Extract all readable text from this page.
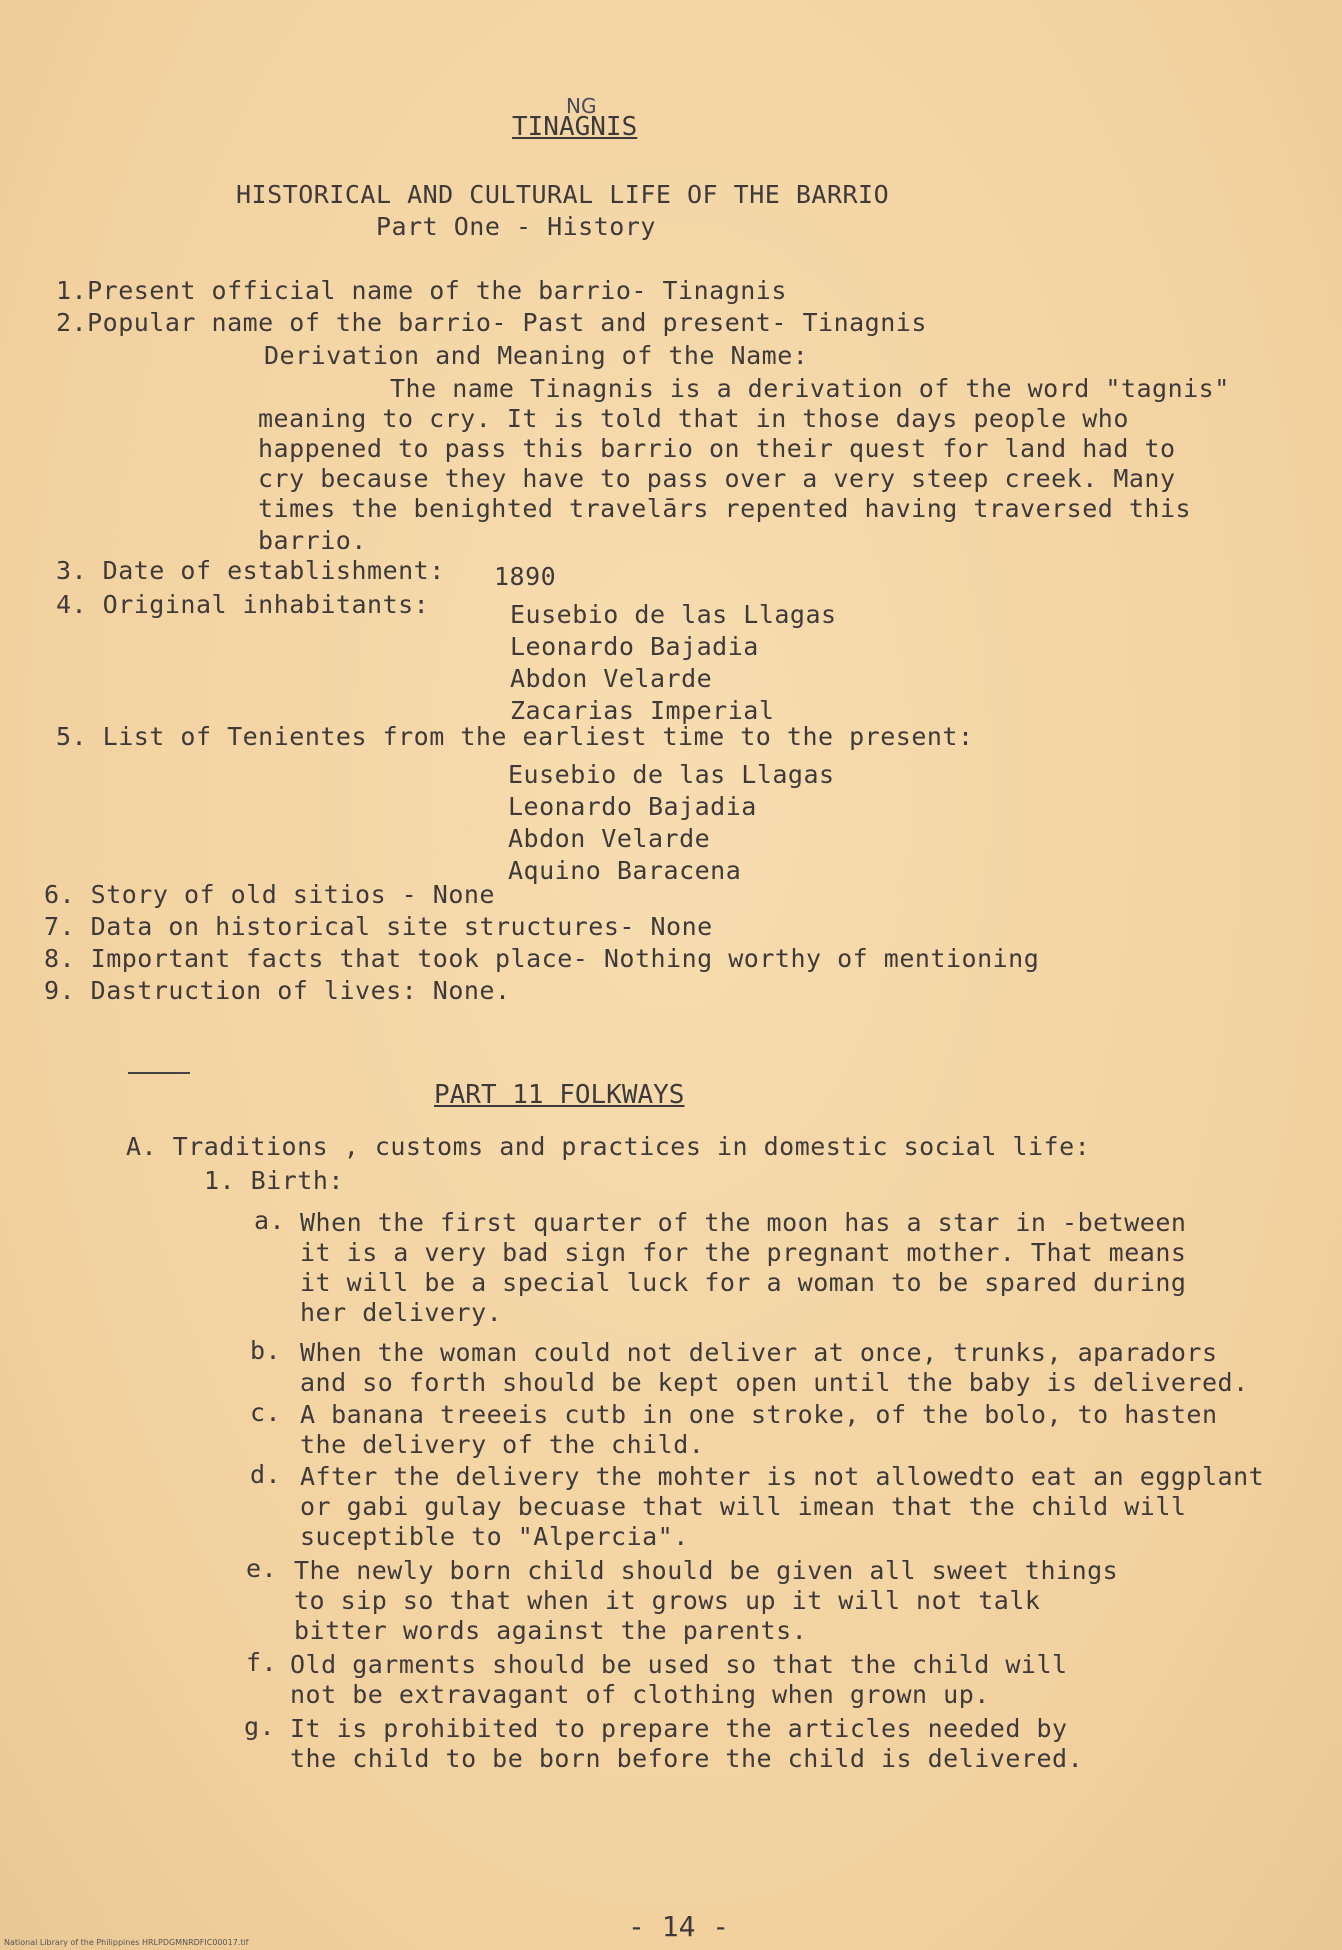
NG
TINAGNIS
HISTORICAL AND CULTURAL LIFE OF THE BARRIO
Part One - History
1.Present official name of the barrio- Tinagnis
2.Popular name of the barrio- Past and present- Tinagnis
Derivation and Meaning of the Name:
The name Tinagnis is a derivation of the word "tagnis"
meaning to cry. It is told that in those days people who
happened to pass this barrio on their quest for land had to
cry because they have to pass over a very steep creek. Many
times the benighted travelārs repented having traversed this
barrio.
3. Date of establishment: 1890
4. Original inhabitants:	Eusebio de las Llagas
Leonardo Bajadia
Abdon Velarde
Zacarias Imperial
5. List of Tenientes from the earliest time to the present:
Eusebio de las Llagas
Leonardo Bajadia
Abdon Velarde
Aquino Baracena
6. Story of old sitios - None
7. Data on historical site structures- None
8. Important facts that took place- Nothing worthy of mentioning
9. Dastruction of lives: None.
PART 11 FOLKWAYS
A. Traditions , customs and practices in domestic social life:
1. Birth:
a. When the first quarter of the moon has a star in -between
it is a very bad sign for the pregnant mother. That means
it will be a special luck for a woman to be spared during
her delivery.
b. When the woman could not deliver at once, trunks, aparadors
and so forth should be kept open until the baby is delivered.
c. A banana treeeis cutb in one stroke, of the bolo, to hasten
the delivery of the child.
d. After the delivery the mohter is not allowedto eat an eggplant
or gabi gulay becuase that will imean that the child will
suceptible to "Alpercia".
e. The newly born child should be given all sweet things
to sip so that when it grows up it will not talk
bitter words against the parents.
f. Old garments should be used so that the child will
not be extravagant of clothing when grown up.
g. It is prohibited to prepare the articles needed by
the child to be born before the child is delivered.
- 14 -
National Library of the Philippines HRLPDGMNRDFIC00017.tif
